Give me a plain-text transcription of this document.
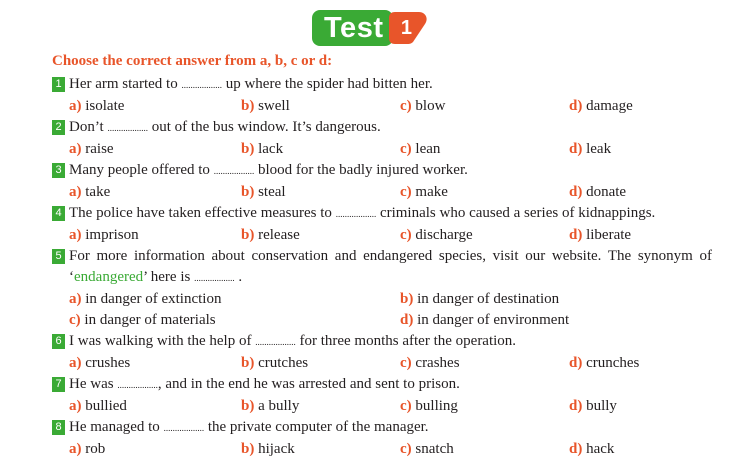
Test 1

Choose the correct answer from a, b, c or d:

1 Her arm started to .................. up where the spider had bitten her.
a) isolate	b) swell	c) blow	d) damage
2 Don’t .................. out of the bus window. It’s dangerous.
a) raise	b) lack	c) lean	d) leak
3 Many people offered to .................. blood for the badly injured worker.
a) take	b) steal	c) make	d) donate
4 The police have taken effective measures to .................. criminals who caused a series of kidnappings.
a) imprison	b) release	c) discharge	d) liberate
5 For more information about conservation and endangered species, visit our website. The synonym of ‘endangered’ here is .................. .
a) in danger of extinction	b) in danger of destination
c) in danger of materials	d) in danger of environment
6 I was walking with the help of .................. for three months after the operation.
a) crushes	b) crutches	c) crashes	d) crunches
7 He was .................., and in the end he was arrested and sent to prison.
a) bullied	b) a bully	c) bulling	d) bully
8 He managed to .................. the private computer of the manager.
a) rob	b) hijack	c) snatch	d) hack
